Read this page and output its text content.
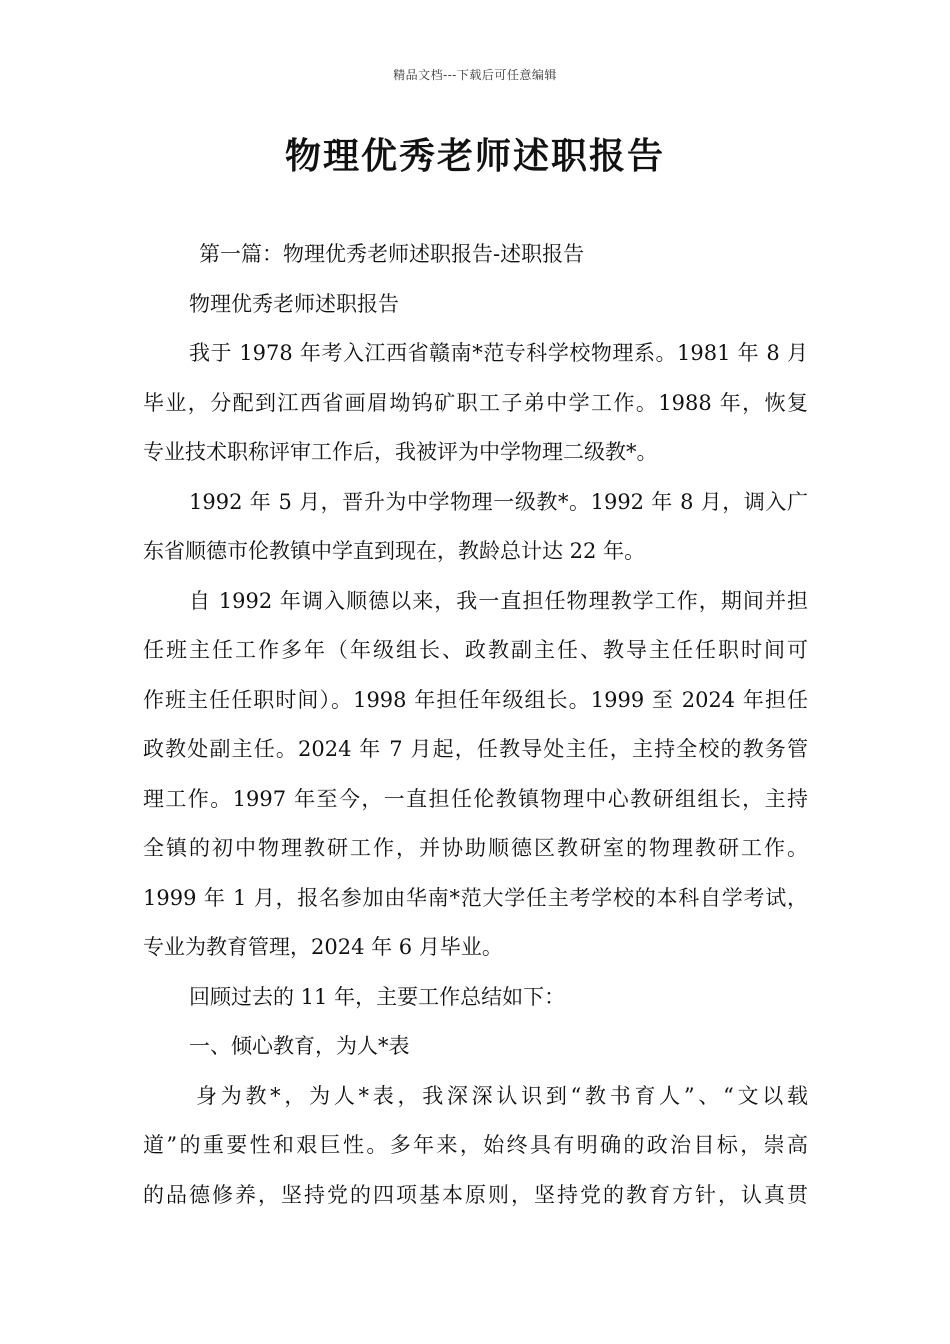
精品文档---下载后可任意编辑
物理优秀老师述职报告
第一篇：物理优秀老师述职报告-述职报告
物理优秀老师述职报告
我于 1978 年考入江西省赣南*范专科学校物理系。1981 年 8 月
毕业，分配到江西省画眉坳钨矿职工子弟中学工作。1988 年，恢复
专业技术职称评审工作后，我被评为中学物理二级教*。
1992 年 5 月，晋升为中学物理一级教*。1992 年 8 月，调入广
东省顺德市伦教镇中学直到现在，教龄总计达 22 年。
自 1992 年调入顺德以来，我一直担任物理教学工作，期间并担
任班主任工作多年（年级组长、政教副主任、教导主任任职时间可
作班主任任职时间）。1998 年担任年级组长。1999 至 2024 年担任
政教处副主任。2024 年 7 月起，任教导处主任，主持全校的教务管
理工作。1997 年至今，一直担任伦教镇物理中心教研组组长，主持
全镇的初中物理教研工作，并协助顺德区教研室的物理教研工作。
1999 年 1 月，报名参加由华南*范大学任主考学校的本科自学考试，
专业为教育管理，2024 年 6 月毕业。
回顾过去的 11 年，主要工作总结如下：
一、倾心教育，为人*表
身为教*，为人*表，我深深认识到“教书育人”、“文以载
道”的重要性和艰巨性。多年来，始终具有明确的政治目标，崇高
的品德修养，坚持党的四项基本原则，坚持党的教育方针，认真贯
